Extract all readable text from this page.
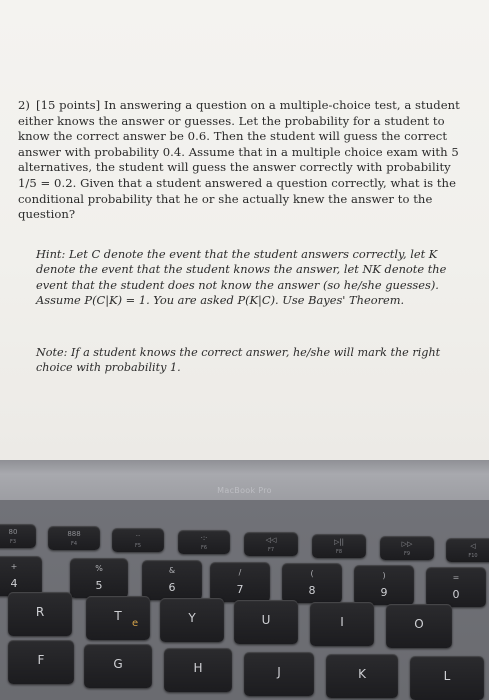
2) [15 points] In answering a question on a multiple-choice test, a student either knows the answer or guesses. Let the probability for a student to know the correct answer be 0.6. Then the student will guess the correct answer with probability 0.4. Assume that in a multiple choice exam with 5 alternatives, the student will guess the answer correctly with probability 1/5 = 0.2. Given that a student answered a question correctly, what is the conditional probability that he or she actually knew the answer to the question?
Hint: Let C denote the event that the student answers correctly, let K denote the event that the student knows the answer, let NK denote the event that the student does not know the answer (so he/she guesses). Assume P(C|K) = 1. You are asked P(K|C). Use Bayes' Theorem.
Note: If a student knows the correct answer, he/she will mark the right choice with probability 1.
MacBook Pro
80
F3
888
F4
··
F5
·:·
F6
◁◁
F7
▷||
F8
▷▷
F9
◁
F10
+
4
%
5
&
6
/
7
(
8
)
9
=
0
R	T
e	Y	U	I	O
F	G	H	J	K	L
